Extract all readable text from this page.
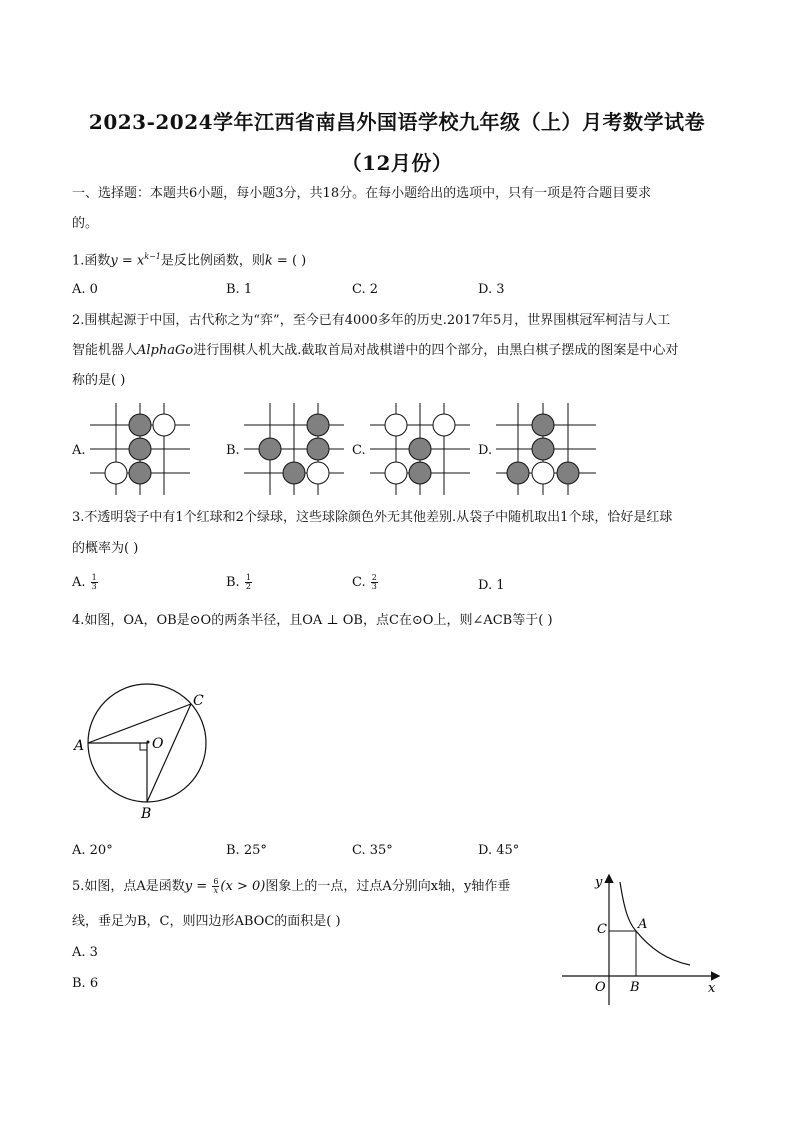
2023-2024学年江西省南昌外国语学校九年级（上）月考数学试卷
（12月份）
一、选择题：本题共6小题，每小题3分，共18分。在每小题给出的选项中，只有一项是符合题目要求
的。
1.函数$y = x^{k-1}$是反比例函数，则k = ( )
A. 0	B. 1	C. 2	D. 3
2.围棋起源于中国，古代称之为“弈”，至今已有4000多年的历史.2017年5月，世界围棋冠军柯洁与人工
智能机器人AlphaGo进行围棋人机大战.截取首局对战棋谱中的四个部分，由黑白棋子摆成的图案是中心对
称的是( )
A.	B.	C.	D.
3.不透明袋子中有1个红球和2个绿球，这些球除颜色外无其他差别.从袋子中随机取出1个球，恰好是红球
的概率为( )
A. $\frac{1}{3}$	B. $\frac{1}{2}$	C. $\frac{2}{3}$	D. 1
4.如图，OA，OB是⊙O的两条半径，且OA ⊥ OB，点C在⊙O上，则∠ACB等于( )
A
C
O
B
A. 20°	B. 25°	C. 35°	D. 45°
5.如图，点A是函数$y = \frac{6}{x} (x > 0)$图象上的一点，过点A分别向x轴，y轴作垂
线，垂足为B，C，则四边形ABOC的面积是( )
A. 3
B. 6
y
x
O B
C A
